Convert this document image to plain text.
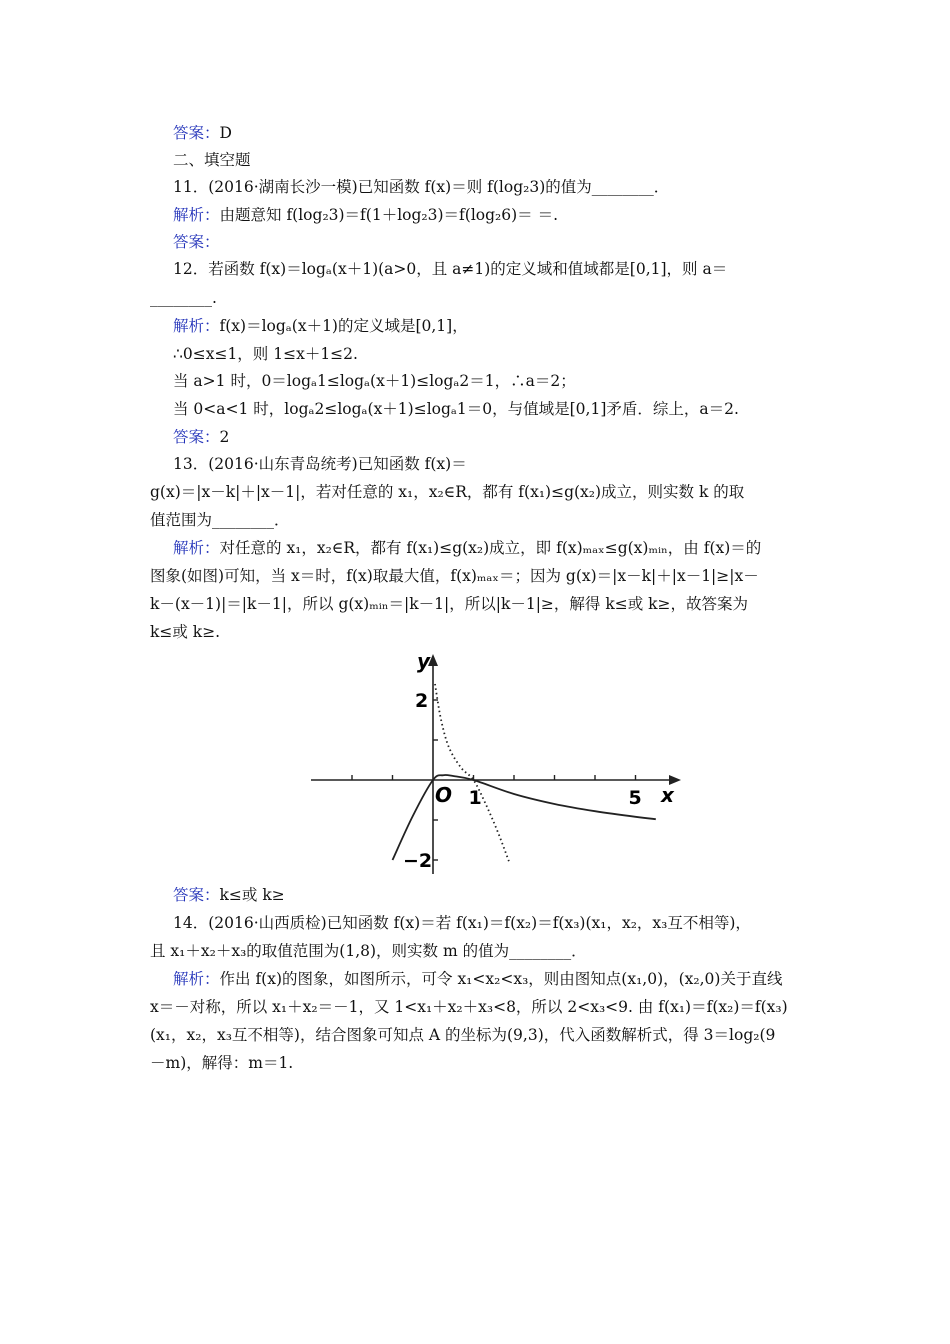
答案：D
二、填空题
11．(2016·湖南长沙一模)已知函数 f(x)＝则 f(log₂3)的值为________．
解析：由题意知 f(log₂3)＝f(1＋log₂3)＝f(log₂6)＝ ＝.
答案：
12．若函数 f(x)＝logₐ(x＋1)(a>0，且 a≠1)的定义域和值域都是[0,1]，则 a＝
________.
解析：f(x)＝logₐ(x＋1)的定义域是[0,1]，
∴0≤x≤1，则 1≤x＋1≤2.
当 a>1 时，0＝logₐ1≤logₐ(x＋1)≤logₐ2＝1，∴a＝2；
当 0<a<1 时，logₐ2≤logₐ(x＋1)≤logₐ1＝0，与值域是[0,1]矛盾．综上，a＝2.
答案：2
13．(2016·山东青岛统考)已知函数 f(x)＝
g(x)＝|x－k|＋|x－1|，若对任意的 x₁，x₂∈R，都有 f(x₁)≤g(x₂)成立，则实数 k 的取
值范围为________．
解析：对任意的 x₁，x₂∈R，都有 f(x₁)≤g(x₂)成立，即 f(x)ₘₐₓ≤g(x)ₘᵢₙ，由 f(x)＝的
图象(如图)可知，当 x＝时，f(x)取最大值，f(x)ₘₐₓ＝；因为 g(x)＝|x－k|＋|x－1|≥|x－
k－(x－1)|＝|k－1|，所以 g(x)ₘᵢₙ＝|k－1|，所以|k－1|≥，解得 k≤或 k≥，故答案为
k≤或 k≥.
y
x
O
2
−2
1	5
答案：k≤或 k≥
14．(2016·山西质检)已知函数 f(x)＝若 f(x₁)＝f(x₂)＝f(x₃)(x₁，x₂，x₃互不相等)，
且 x₁＋x₂＋x₃的取值范围为(1,8)，则实数 m 的值为________．
解析：作出 f(x)的图象，如图所示，可令 x₁<x₂<x₃，则由图知点(x₁,0)，(x₂,0)关于直线
x＝－对称，所以 x₁＋x₂＝－1，又 1<x₁＋x₂＋x₃<8，所以 2<x₃<9. 由 f(x₁)＝f(x₂)＝f(x₃)
(x₁，x₂，x₃互不相等)，结合图象可知点 A 的坐标为(9,3)，代入函数解析式，得 3＝log₂(9
－m)，解得：m＝1.
